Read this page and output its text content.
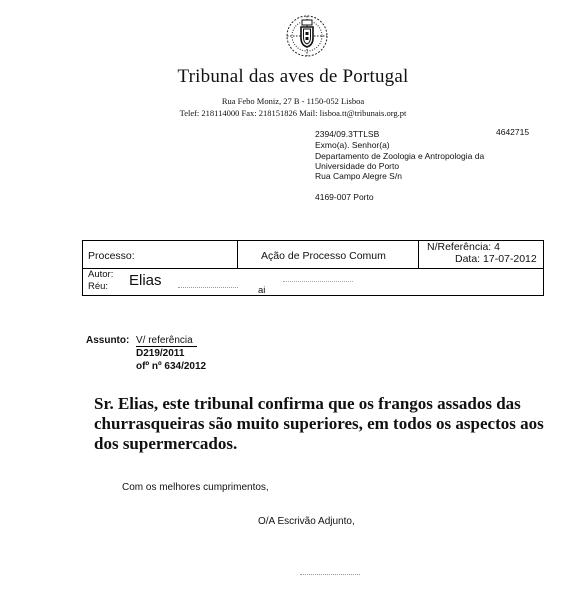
Tribunal das aves de Portugal
Rua Febo Moniz, 27 B - 1150-052 Lisboa
Telef: 218114000 Fax: 218151826 Mail: lisboa.tt@tribunais.org.pt
2394/09.3TTLSB	4642715
Exmo(a). Senhor(a)
Departamento de Zoologia e Antropologia da
Universidade do Porto
Rua Campo Alegre S/n
4169-007 Porto
Processo:	Ação de Processo Comum
N/Referência: 4
Data: 17-07-2012
Autor:
Réu: Elias
ai
Assunto: V/ referência
D219/2011
ofº nº 634/2012
Sr. Elias, este tribunal confirma que os frangos assados das churrasqueiras são muito superiores, em todos os aspectos aos dos supermercados.
Com os melhores cumprimentos,
O/A Escrivão Adjunto,
